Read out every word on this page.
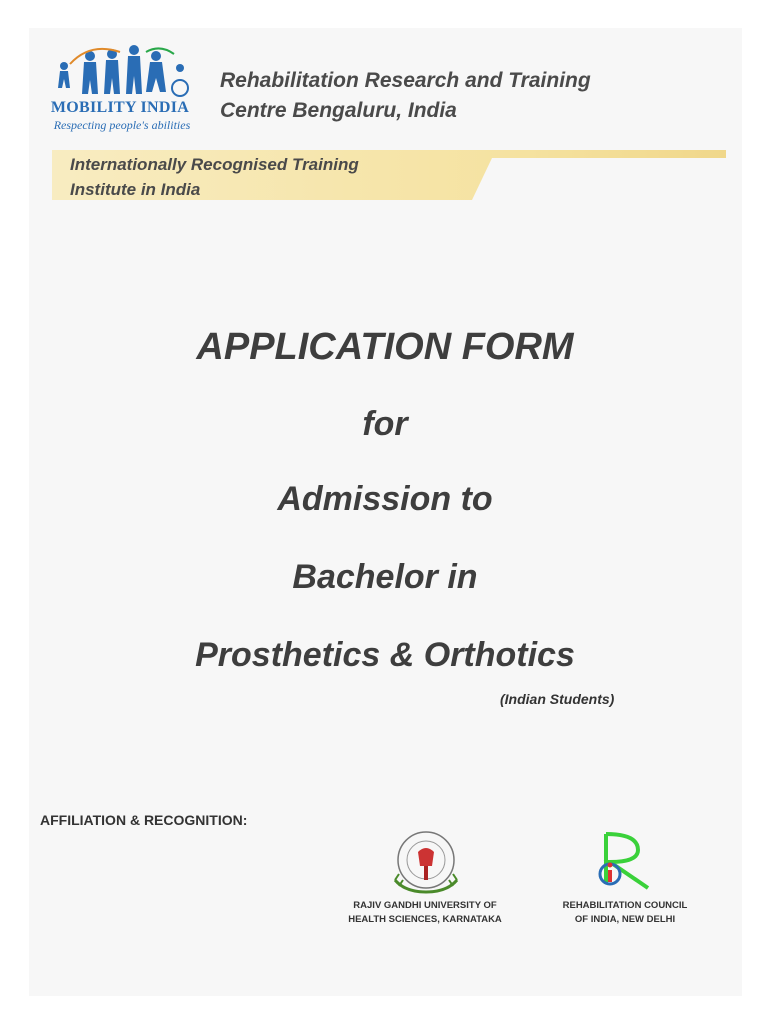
MOBILITY INDIA
Respecting people's abilities
Rehabilitation Research and Training
Centre Bengaluru, India
Internationally Recognised Training
Institute in India
APPLICATION FORM
for
Admission to
Bachelor in
Prosthetics & Orthotics
(Indian Students)
AFFILIATION & RECOGNITION:
RAJIV GANDHI UNIVERSITY OF
HEALTH SCIENCES, KARNATAKA
REHABILITATION COUNCIL
OF INDIA, NEW DELHI
